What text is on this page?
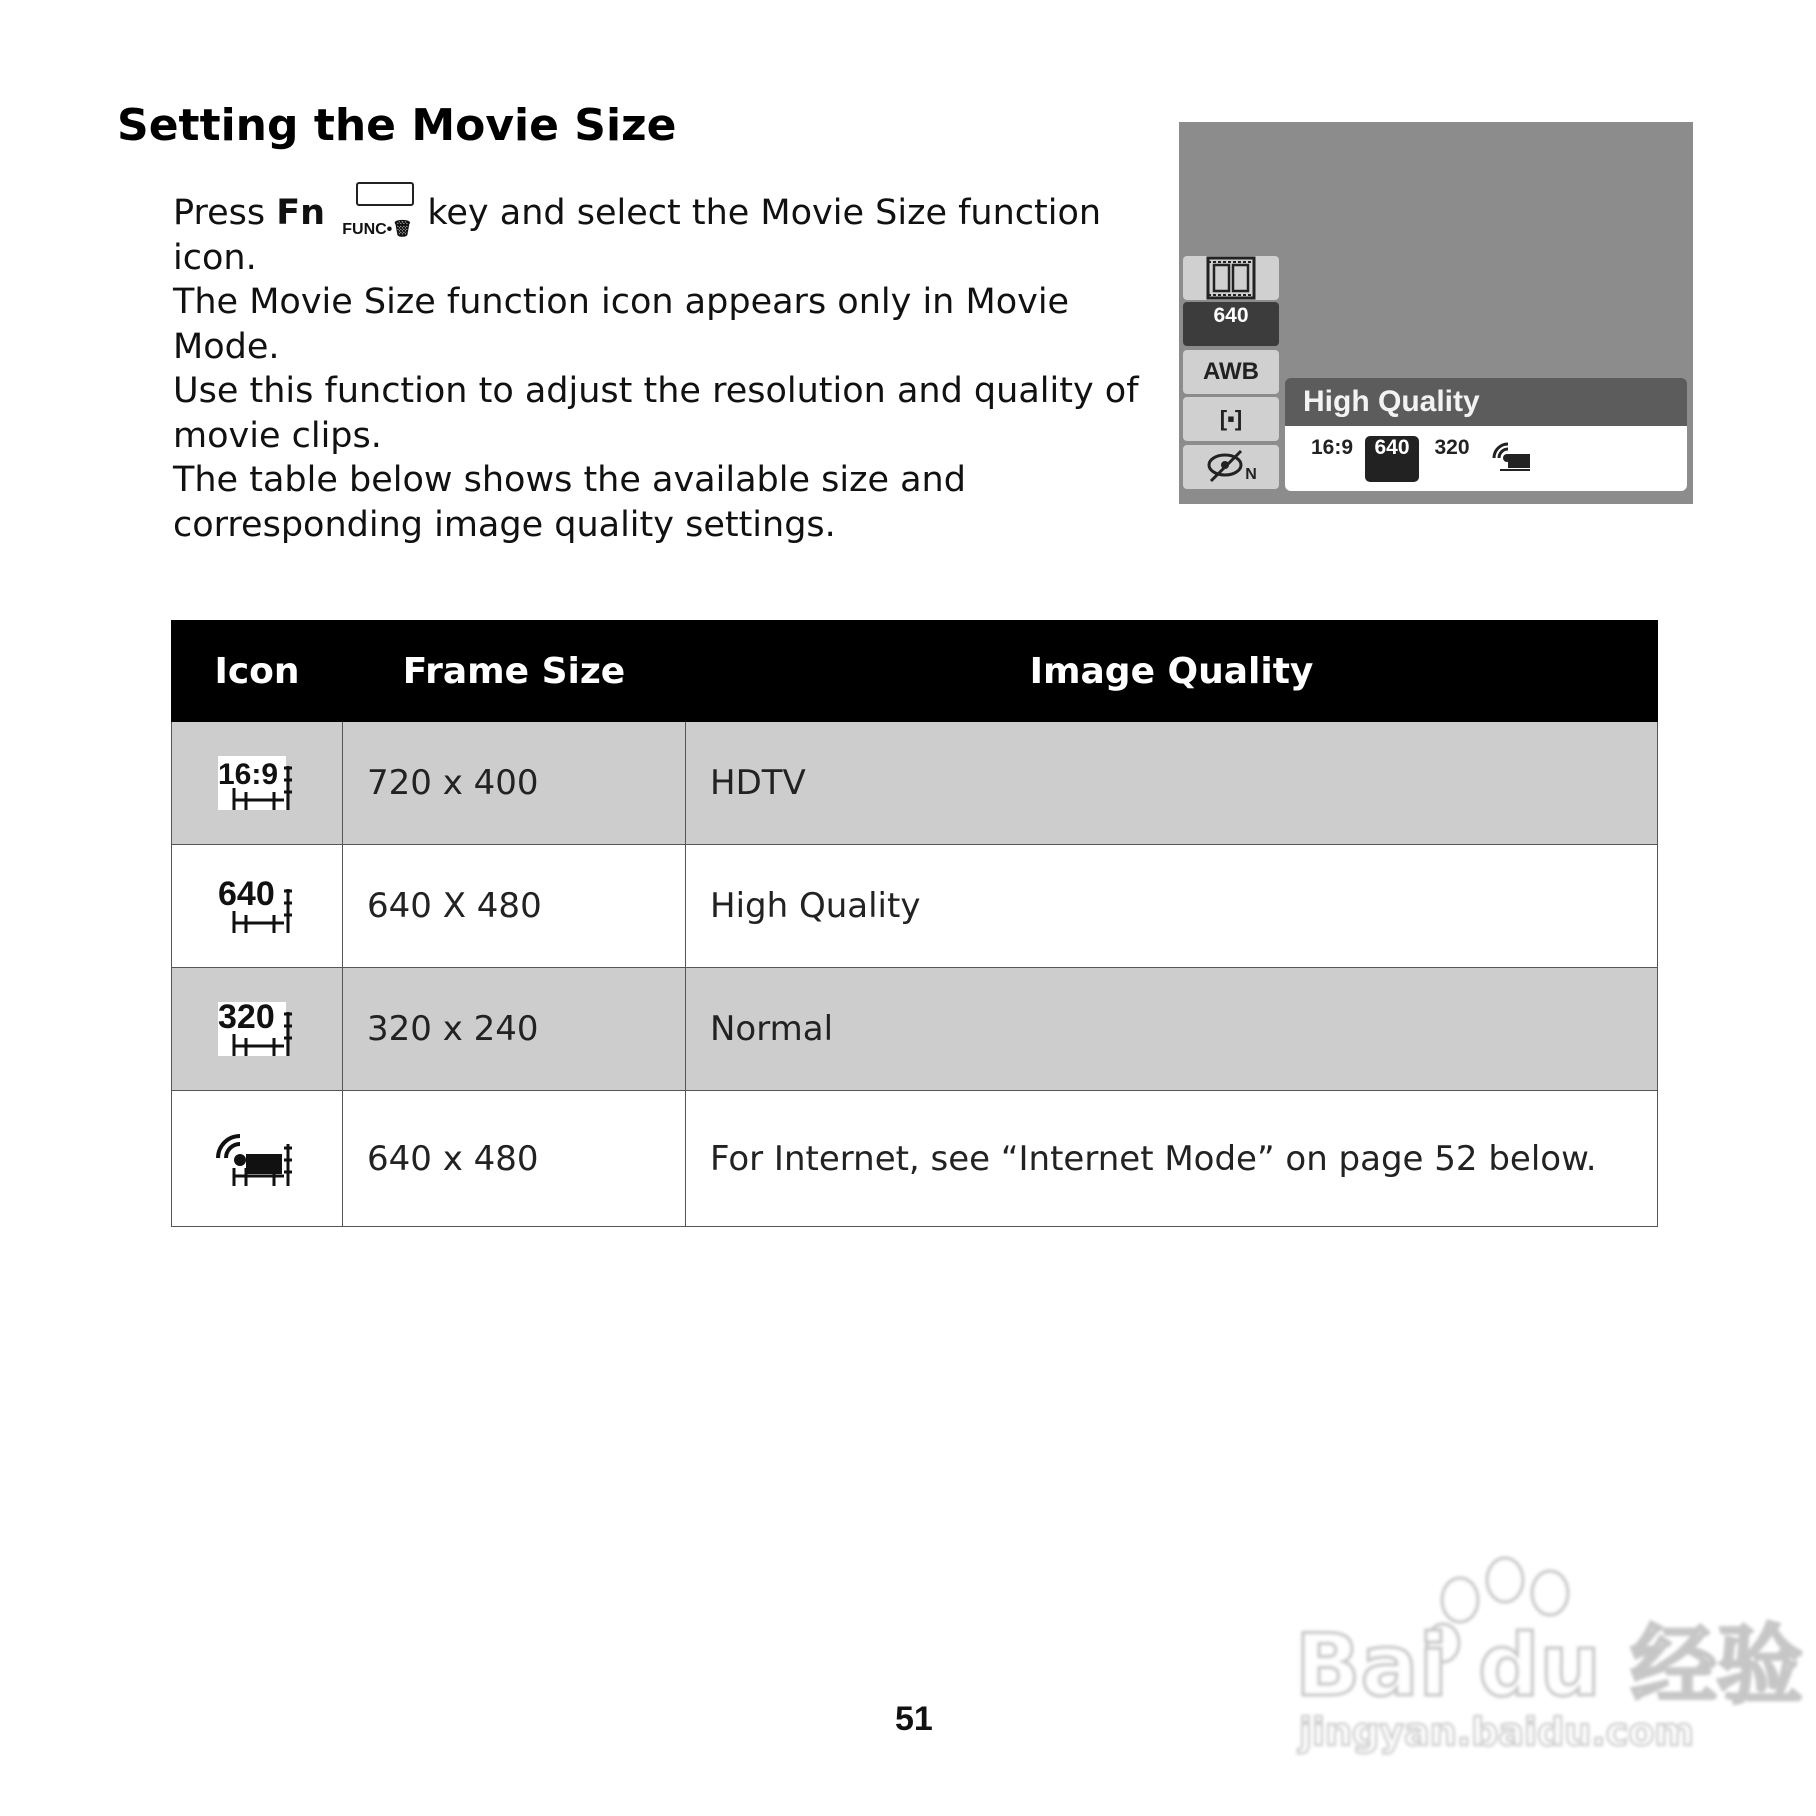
Setting the Movie Size

Press Fn FUNC•🗑 key and select the Movie Size function icon.

The Movie Size function icon appears only in Movie Mode.

Use this function to adjust the resolution and quality of movie clips.

The table below shows the available size and corresponding image quality settings.

640
AWB
[▪]
N
High Quality
16:9	640	320
Icon	Frame Size	Image Quality

16:9	720 x 400	HDTV

640	640 X 480	High Quality

320	320 x 240	Normal
	640 x 480	For Internet, see “Internet Mode” on page 52 below.
51
Bai du 经验
jingyan.baidu.com
